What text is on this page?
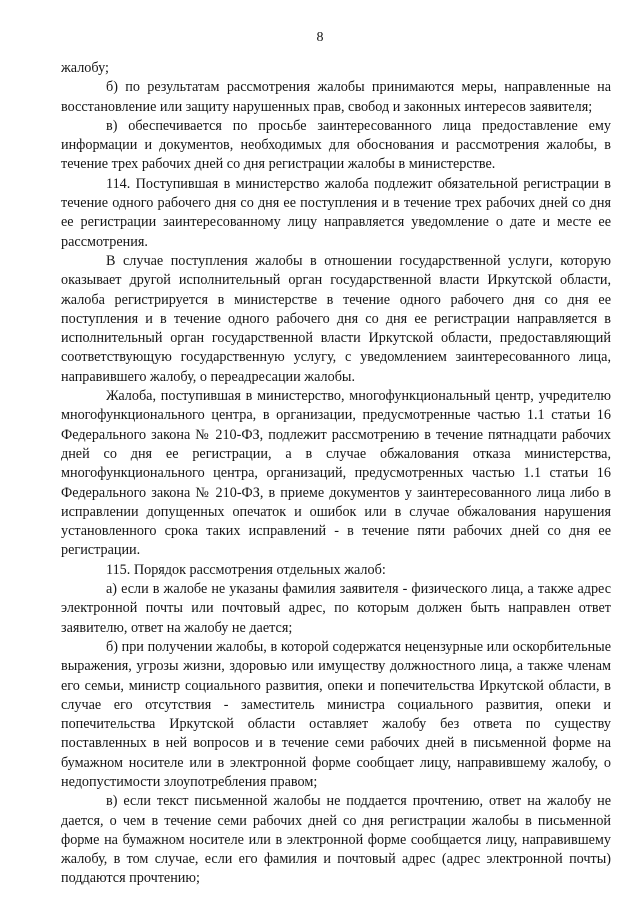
8

жалобу;

б) по результатам рассмотрения жалобы принимаются меры, направленные на восстановление или защиту нарушенных прав, свобод и законных интересов заявителя;

в) обеспечивается по просьбе заинтересованного лица предоставление ему информации и документов, необходимых для обоснования и рассмотрения жалобы, в течение трех рабочих дней со дня регистрации жалобы в министерстве.

114. Поступившая в министерство жалоба подлежит обязательной регистрации в течение одного рабочего дня со дня ее поступления и в течение трех рабочих дней со дня ее регистрации заинтересованному лицу направляется уведомление о дате и месте ее рассмотрения.

В случае поступления жалобы в отношении государственной услуги, которую оказывает другой исполнительный орган государственной власти Иркутской области, жалоба регистрируется в министерстве в течение одного рабочего дня со дня ее поступления и в течение одного рабочего дня со дня ее регистрации направляется в исполнительный орган государственной власти Иркутской области, предоставляющий соответствующую государственную услугу, с уведомлением заинтересованного лица, направившего жалобу, о переадресации жалобы.

Жалоба, поступившая в министерство, многофункциональный центр, учредителю многофункционального центра, в организации, предусмотренные частью 1.1 статьи 16 Федерального закона № 210-ФЗ, подлежит рассмотрению в течение пятнадцати рабочих дней со дня ее регистрации, а в случае обжалования отказа министерства, многофункционального центра, организаций, предусмотренных частью 1.1 статьи 16 Федерального закона № 210-ФЗ, в приеме документов у заинтересованного лица либо в исправлении допущенных опечаток и ошибок или в случае обжалования нарушения установленного срока таких исправлений - в течение пяти рабочих дней со дня ее регистрации.

115. Порядок рассмотрения отдельных жалоб:

а) если в жалобе не указаны фамилия заявителя - физического лица, а также адрес электронной почты или почтовый адрес, по которым должен быть направлен ответ заявителю, ответ на жалобу не дается;

б) при получении жалобы, в которой содержатся нецензурные или оскорбительные выражения, угрозы жизни, здоровью или имуществу должностного лица, а также членам его семьи, министр социального развития, опеки и попечительства Иркутской области, в случае его отсутствия - заместитель министра социального развития, опеки и попечительства Иркутской области оставляет жалобу без ответа по существу поставленных в ней вопросов и в течение семи рабочих дней в письменной форме на бумажном носителе или в электронной форме сообщает лицу, направившему жалобу, о недопустимости злоупотребления правом;

в) если текст письменной жалобы не поддается прочтению, ответ на жалобу не дается, о чем в течение семи рабочих дней со дня регистрации жалобы в письменной форме на бумажном носителе или в электронной форме сообщается лицу, направившему жалобу, в том случае, если его фамилия и почтовый адрес (адрес электронной почты) поддаются прочтению;
